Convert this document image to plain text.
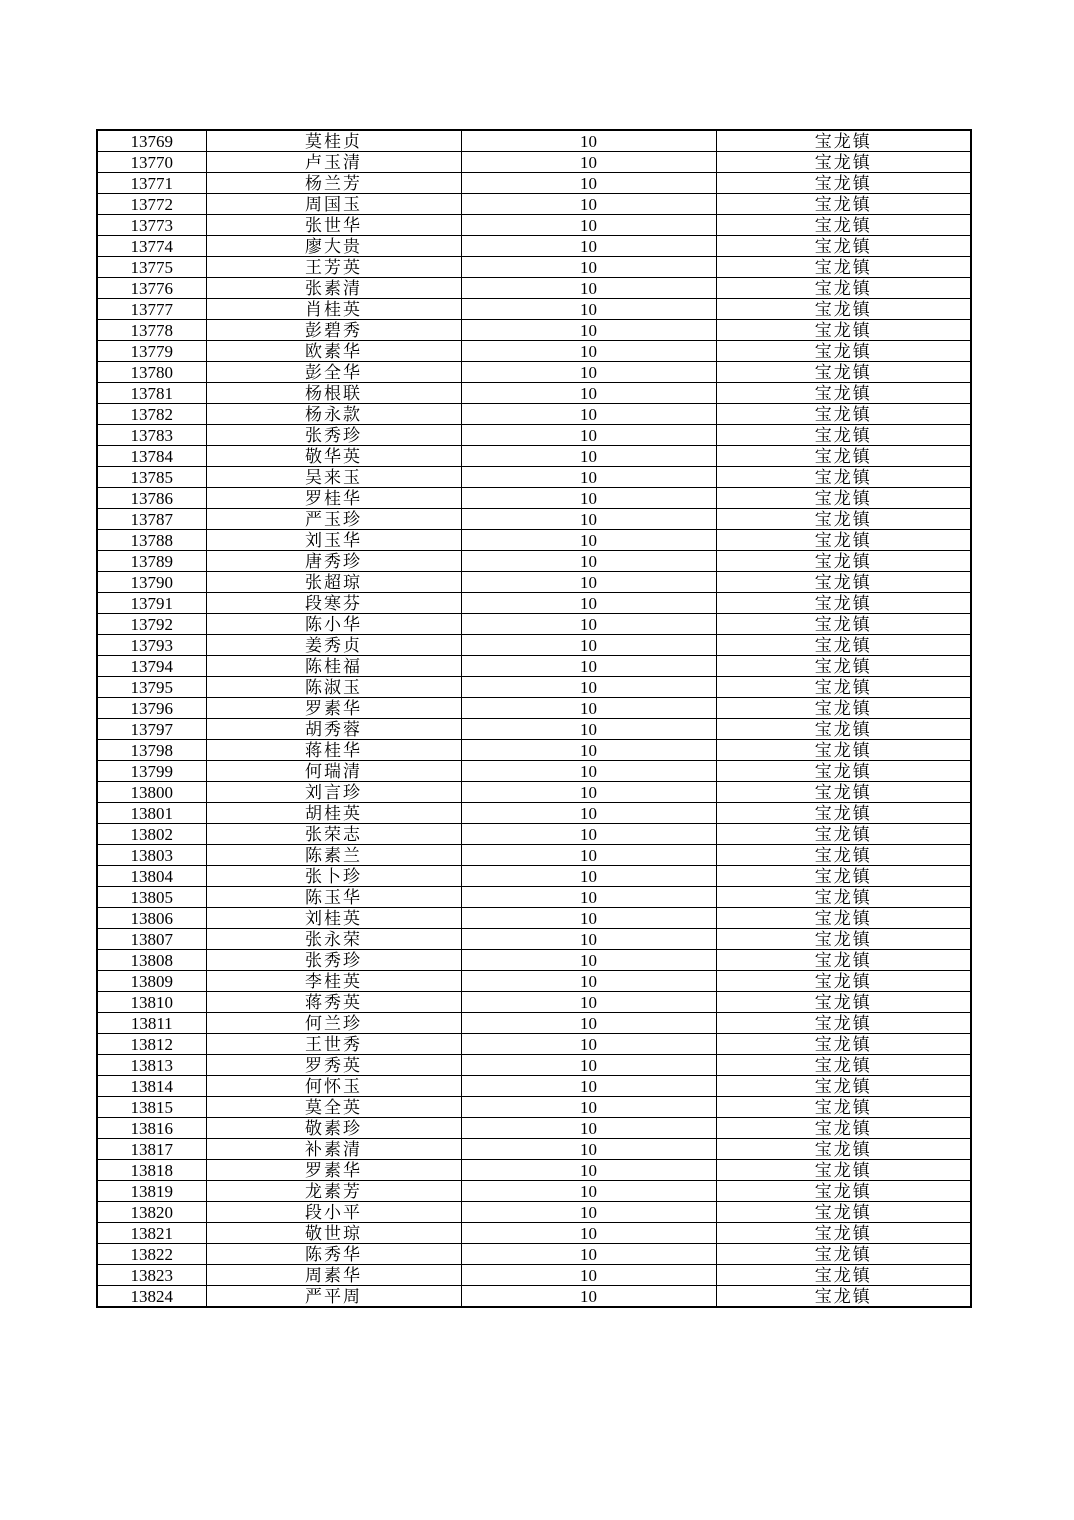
13769	莫桂贞	10	宝龙镇
13770	卢玉清	10	宝龙镇
13771	杨兰芳	10	宝龙镇
13772	周国玉	10	宝龙镇
13773	张世华	10	宝龙镇
13774	廖大贵	10	宝龙镇
13775	王芳英	10	宝龙镇
13776	张素清	10	宝龙镇
13777	肖桂英	10	宝龙镇
13778	彭碧秀	10	宝龙镇
13779	欧素华	10	宝龙镇
13780	彭全华	10	宝龙镇
13781	杨根联	10	宝龙镇
13782	杨永款	10	宝龙镇
13783	张秀珍	10	宝龙镇
13784	敬华英	10	宝龙镇
13785	吴来玉	10	宝龙镇
13786	罗桂华	10	宝龙镇
13787	严玉珍	10	宝龙镇
13788	刘玉华	10	宝龙镇
13789	唐秀珍	10	宝龙镇
13790	张超琼	10	宝龙镇
13791	段寒芬	10	宝龙镇
13792	陈小华	10	宝龙镇
13793	姜秀贞	10	宝龙镇
13794	陈桂福	10	宝龙镇
13795	陈淑玉	10	宝龙镇
13796	罗素华	10	宝龙镇
13797	胡秀蓉	10	宝龙镇
13798	蒋桂华	10	宝龙镇
13799	何瑞清	10	宝龙镇
13800	刘言珍	10	宝龙镇
13801	胡桂英	10	宝龙镇
13802	张荣志	10	宝龙镇
13803	陈素兰	10	宝龙镇
13804	张卜珍	10	宝龙镇
13805	陈玉华	10	宝龙镇
13806	刘桂英	10	宝龙镇
13807	张永荣	10	宝龙镇
13808	张秀珍	10	宝龙镇
13809	李桂英	10	宝龙镇
13810	蒋秀英	10	宝龙镇
13811	何兰珍	10	宝龙镇
13812	王世秀	10	宝龙镇
13813	罗秀英	10	宝龙镇
13814	何怀玉	10	宝龙镇
13815	莫全英	10	宝龙镇
13816	敬素珍	10	宝龙镇
13817	补素清	10	宝龙镇
13818	罗素华	10	宝龙镇
13819	龙素芳	10	宝龙镇
13820	段小平	10	宝龙镇
13821	敬世琼	10	宝龙镇
13822	陈秀华	10	宝龙镇
13823	周素华	10	宝龙镇
13824	严平周	10	宝龙镇
